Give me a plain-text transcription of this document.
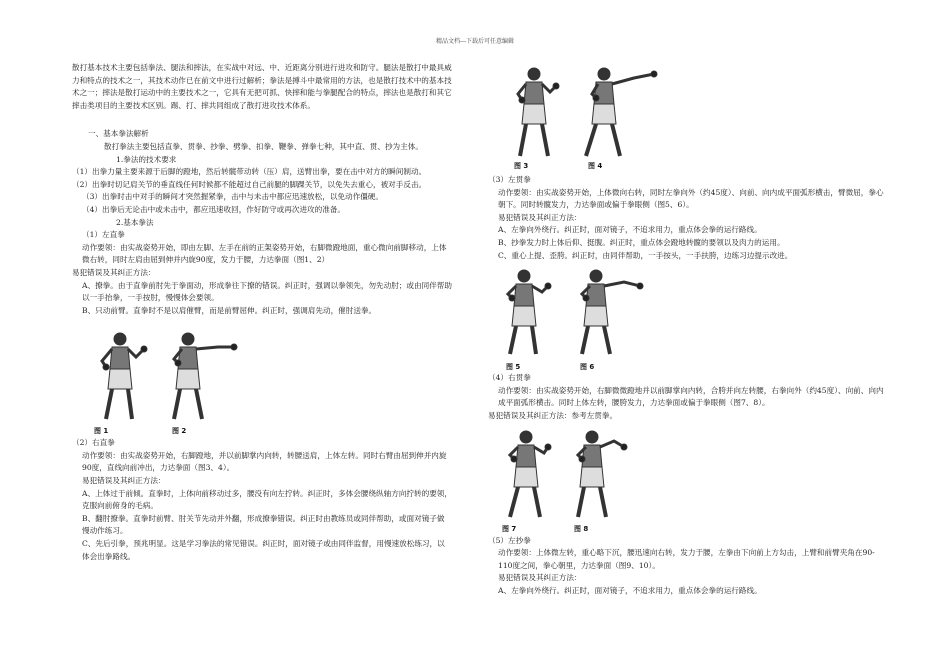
精品文档---下载后可任意编辑

散打基本技术主要包括拳法、腿法和摔法，在实战中对远、中、近距离分别进行进攻和防守。腿法是散打中最具威力和特点的技术之一，其技术动作已在前文中进行过解析；拳法是搏斗中最常用的方法，也是散打技术中的基本技术之一；摔法是散打运动中的主要技术之一，它具有无把可抓、快摔和能与拳腿配合的特点，摔法也是散打和其它摔击类项目的主要技术区别。踢、打、摔共同组成了散打进攻技术体系。

一、基本拳法解析

散打拳法主要包括直拳、贯拳、抄拳、劈拳、扣拳、鞭拳、弹拳七种，其中直、贯、抄为主体。

1.拳法的技术要求

（1）出拳力量主要来源于后脚的蹬地，然后转髋带动转（压）肩，送臂出拳，要在击中对方的瞬间制动。

（2）出拳时切记肩关节的垂直线任何时候都不能超过自己前腿的脚踝关节，以免失去重心，被对手反击。

（3）出拳时击中对手的瞬间才突然握紧拳，击中与未击中都应迅速放松，以免动作僵硬。

（4）出拳后无论击中或未击中，都应迅速收回，作好防守或再次进攻的准备。

2.基本拳法

（1）左直拳

动作要领：由实战姿势开始，即由左脚、左手在前的正架姿势开始，右脚微蹬地面，重心微向前脚移动，上体微右转，同时左肩由屈到伸并内旋90度，发力于腰，力达拳面（图1、2）

易犯错误及其纠正方法：

A、撩拳。由于直拳前肘先于拳面动，形成拳往下撩的错误。纠正时，强调以拳领先，勿先动肘；或由同伴帮助以一手抬拳，一手按肘，慢慢体会要领。

B、只动前臂。直拳时不是以肩催臂，而是前臂屈伸。纠正时，强调肩先动，催肘送拳。

图 1	图 2

（2）右直拳

动作要领：由实战姿势开始，右脚蹬地，并以前脚掌内向转，转腰送肩，上体左转。同时右臂由屈到伸并内旋90度，直线向前冲出，力达拳面（图3、4）。

易犯错误及其纠正方法：

A、上体过于前倾。直拳时，上体向前移动过多，腰没有向左拧转。纠正时，多体会腰绕纵轴方向拧转的要领，克服向前俯身的毛病。

B、翻肘撩拳。直拳时前臂、肘关节先动并外翻，形成撩拳错误。纠正时由教练员或同伴帮助，或面对镜子做慢动作练习。

C、先后引拳，预兆明显。这是学习拳法的常见错误。纠正时，面对镜子或由同伴监督，用慢速放松练习，以体会出拳路线。

图 3	图 4

（3）左贯拳

动作要领：由实战姿势开始，上体微向右转，同时左拳向外（约45度）、向前、向内成平面弧形横击，臂微屈，拳心朝下。同时转髋发力，力达拳面或偏于拳眼侧（图5、6）。

易犯错误及其纠正方法：

A、左拳向外绕行。纠正时，面对镜子，不追求用力，重点体会拳的运行路线。

B、抄拳发力时上体后仰、挺腹。纠正时，重点体会蹬地转髋的要领以及肉力的运用。

C、重心上提、歪胯。纠正时，由同伴帮助，一手按头，一手扶胯，边练习边提示改进。

图 5	图 6

（4）右贯拳

动作要领：由实战姿势开始，右脚微微蹬地并以前脚掌向内转，合胯并向左转腰，右拳向外（约45度）、向前、向内成平面弧形横击。同时上体左转，腰胯发力，力达拳面或偏于拳眼侧（图7、8）。

易犯错误及其纠正方法：参考左贯拳。

图 7	图 8

（5）左抄拳

动作要领：上体微左转，重心略下沉，腰迅速向右转，发力于腰，左拳由下向前上方勾击，上臂和前臂夹角在90-110度之间，拳心朝里，力达拳面（图9、10）。

易犯错误及其纠正方法：

A、左拳向外绕行。纠正时，面对镜子，不追求用力，重点体会拳的运行路线。
